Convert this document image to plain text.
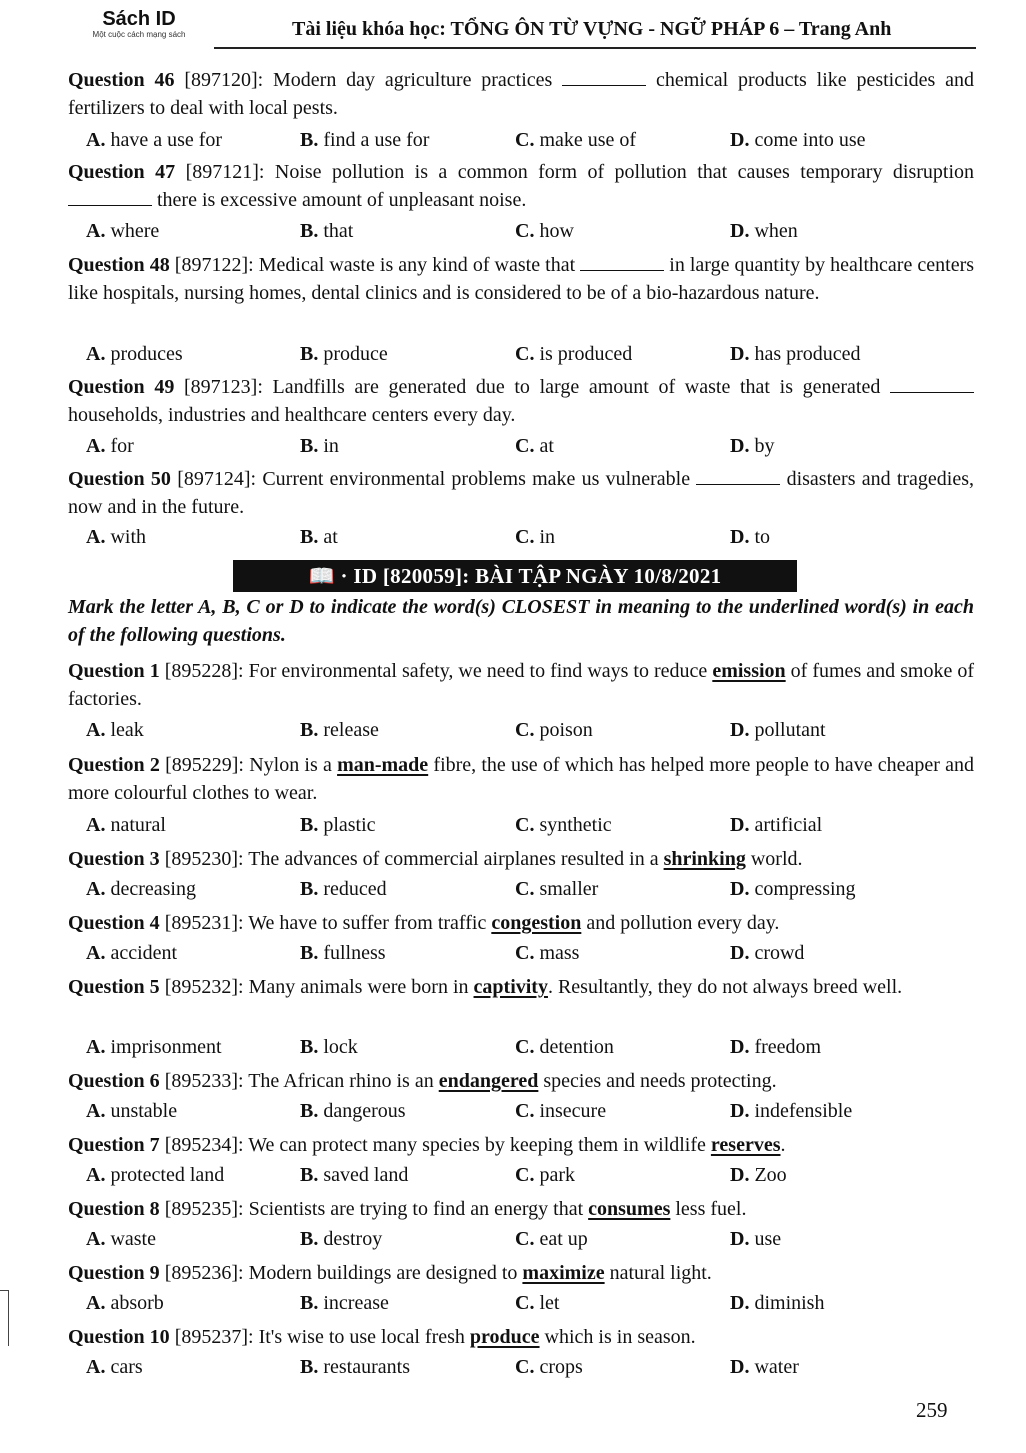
Sách ID
Một cuộc cách mạng sách	Tài liệu khóa học: TỔNG ÔN TỪ VỰNG - NGỮ PHÁP 6 – Trang Anh
Question 46 [897120]: Modern day agriculture practices	chemical products like pesticides and fertilizers to deal with local pests.
A. have a use for	B. find a use for	C. make use of	D. come into use
Question 47 [897121]: Noise pollution is a common form of pollution that causes temporary disruption  there is excessive amount of unpleasant noise.
A. where	B. that	C. how	D. when
Question 48 [897122]: Medical waste is any kind of waste that	in large quantity by healthcare centers like hospitals, nursing homes, dental clinics and is considered to be of a bio-hazardous nature.
A. produces	B. produce	C. is produced	D. has produced
Question 49 [897123]: Landfills are generated due to large amount of waste that is generated  households, industries and healthcare centers every day.
A. for	B. in	C. at	D. by
Question 50 [897124]: Current environmental problems make us vulnerable	disasters and tragedies, now and in the future.
A. with	B. at	C. in	D. to
📖 · ID [820059]: BÀI TẬP NGÀY 10/8/2021
Mark the letter A, B, C or D to indicate the word(s) CLOSEST in meaning to the underlined word(s) in each of the following questions.
Question 1 [895228]: For environmental safety, we need to find ways to reduce emission of fumes and smoke of factories.
A. leak	B. release	C. poison	D. pollutant
Question 2 [895229]: Nylon is a man-made fibre, the use of which has helped more people to have cheaper and more colourful clothes to wear.
A. natural	B. plastic	C. synthetic	D. artificial
Question 3 [895230]: The advances of commercial airplanes resulted in a shrinking world.
A. decreasing	B. reduced	C. smaller	D. compressing
Question 4 [895231]: We have to suffer from traffic congestion and pollution every day.
A. accident	B. fullness	C. mass	D. crowd
Question 5 [895232]: Many animals were born in captivity. Resultantly, they do not always breed well.
A. imprisonment	B. lock	C. detention	D. freedom
Question 6 [895233]: The African rhino is an endangered species and needs protecting.
A. unstable	B. dangerous	C. insecure	D. indefensible
Question 7 [895234]: We can protect many species by keeping them in wildlife reserves.
A. protected land	B. saved land	C. park	D. Zoo
Question 8 [895235]: Scientists are trying to find an energy that consumes less fuel.
A. waste	B. destroy	C. eat up	D. use
Question 9 [895236]: Modern buildings are designed to maximize natural light.
A. absorb	B. increase	C. let	D. diminish
Question 10 [895237]: It's wise to use local fresh produce which is in season.
A. cars	B. restaurants	C. crops	D. water
259
